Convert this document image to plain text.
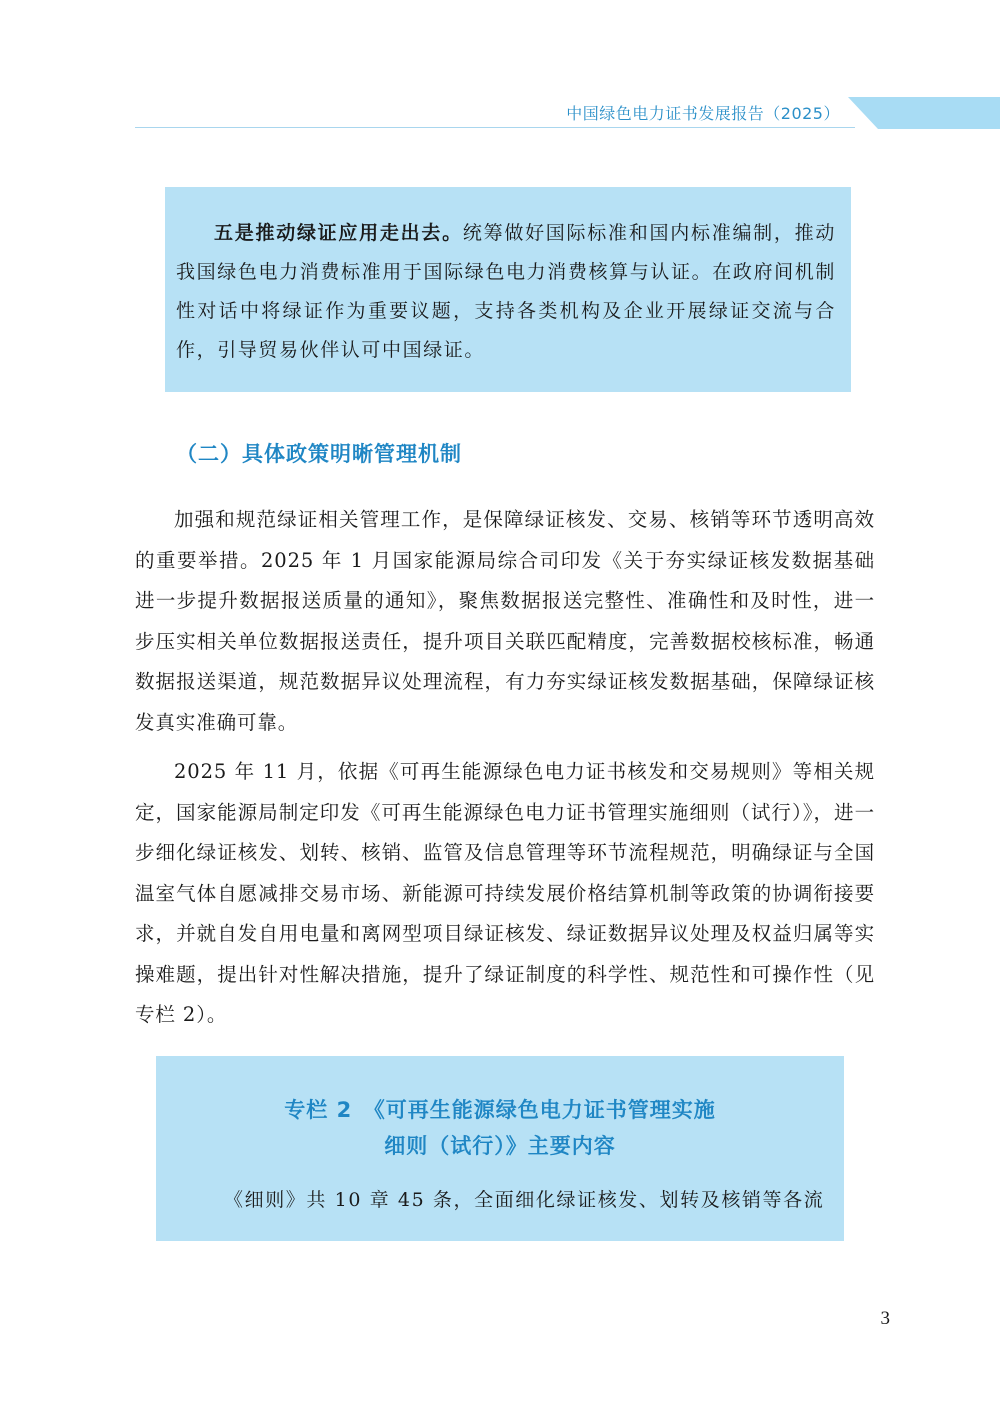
中国绿色电力证书发展报告（2025）
五是推动绿证应用走出去。统筹做好国际标准和国内标准编制，推动我国绿色电力消费标准用于国际绿色电力消费核算与认证。在政府间机制性对话中将绿证作为重要议题，支持各类机构及企业开展绿证交流与合作，引导贸易伙伴认可中国绿证。
（二）具体政策明晰管理机制
加强和规范绿证相关管理工作，是保障绿证核发、交易、核销等环节透明高效的重要举措。2025 年 1 月国家能源局综合司印发《关于夯实绿证核发数据基础 进一步提升数据报送质量的通知》，聚焦数据报送完整性、准确性和及时性，进一步压实相关单位数据报送责任，提升项目关联匹配精度，完善数据校核标准，畅通数据报送渠道，规范数据异议处理流程，有力夯实绿证核发数据基础，保障绿证核发真实准确可靠。
2025 年 11 月，依据《可再生能源绿色电力证书核发和交易规则》等相关规定，国家能源局制定印发《可再生能源绿色电力证书管理实施细则（试行）》，进一步细化绿证核发、划转、核销、监管及信息管理等环节流程规范，明确绿证与全国温室气体自愿减排交易市场、新能源可持续发展价格结算机制等政策的协调衔接要求，并就自发自用电量和离网型项目绿证核发、绿证数据异议处理及权益归属等实操难题，提出针对性解决措施，提升了绿证制度的科学性、规范性和可操作性（见专栏 2）。
专栏 2　《可再生能源绿色电力证书管理实施
细则（试行）》主要内容
《细则》共 10 章 45 条，全面细化绿证核发、划转及核销等各流
3
